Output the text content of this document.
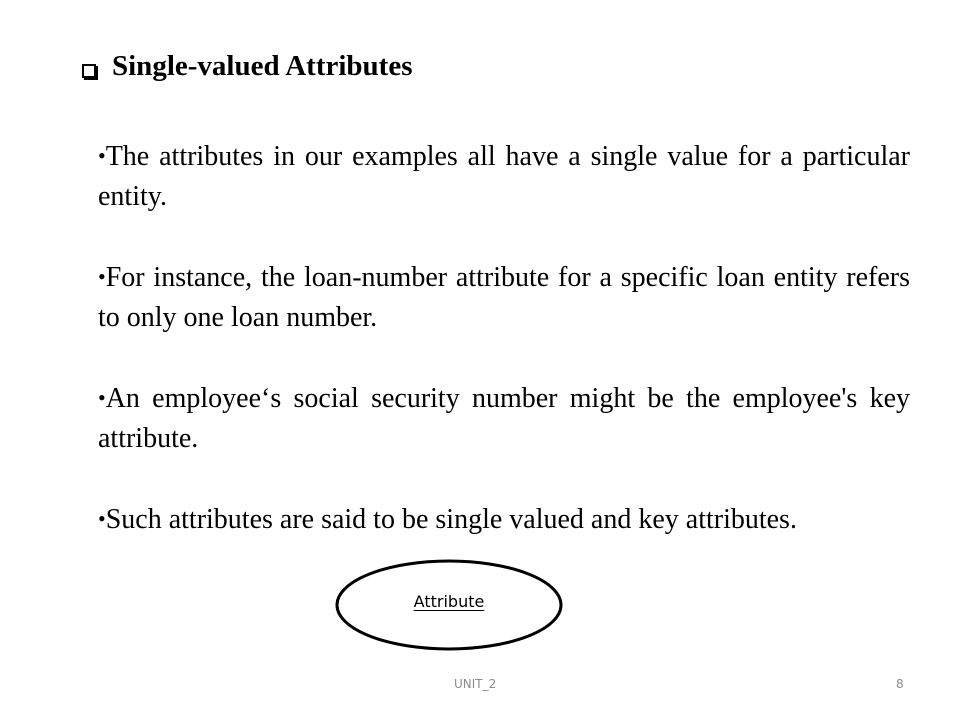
Single-valued Attributes
•The attributes in our examples all have a single value for a particular entity.
•For instance, the loan-number attribute for a specific loan entity refers to only one loan number.
•An employee‘s social security number might be the employee's key attribute.
•Such attributes are said to be single valued and key attributes.
Attribute
UNIT_2	8
